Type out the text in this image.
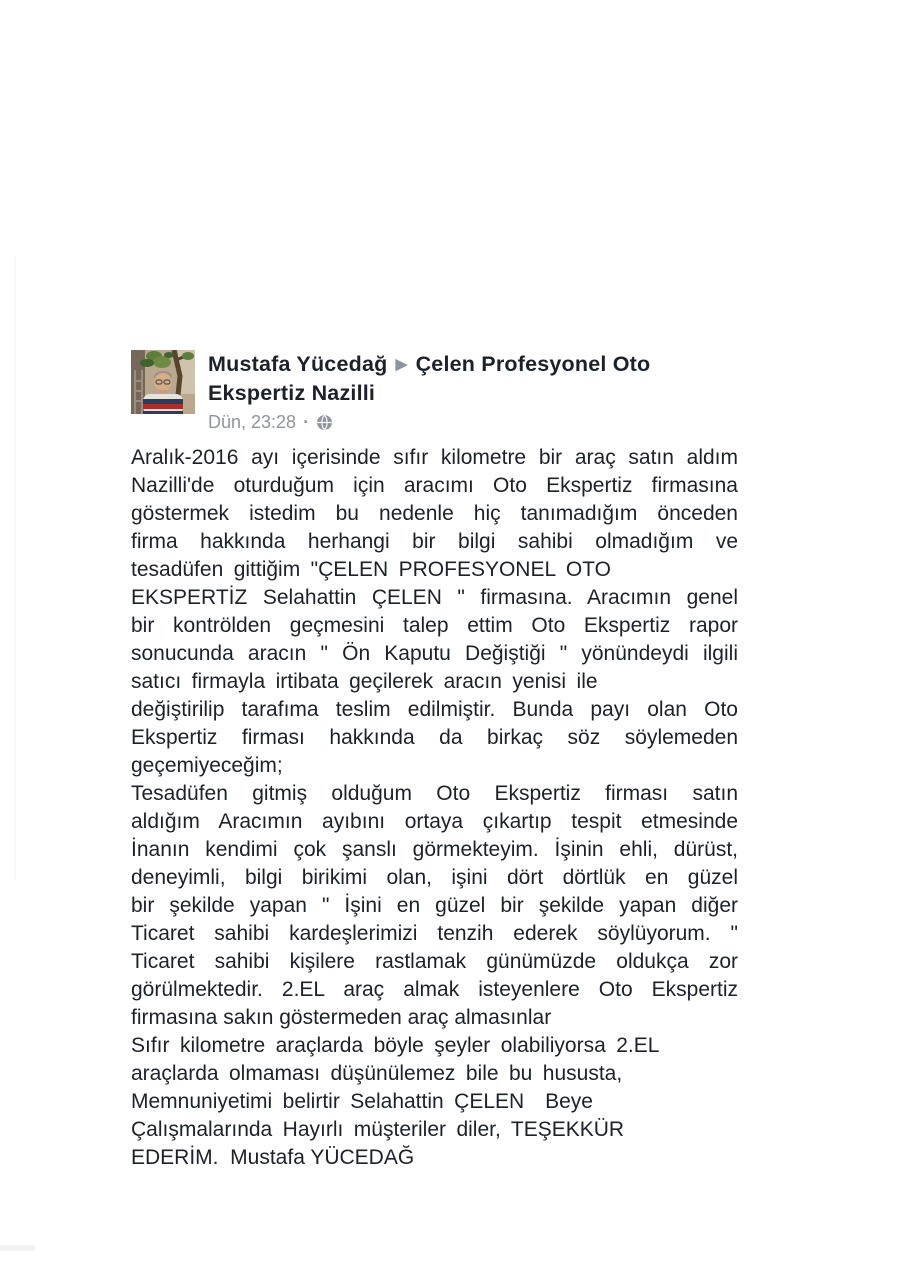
Mustafa Yücedağ ▶ Çelen Profesyonel Oto Ekspertiz Nazilli
Dün, 23:28 ·
Aralık-2016 ayı içerisinde sıfır kilometre bir araç satın aldım
Nazilli'de oturduğum için aracımı Oto Ekspertiz firmasına
göstermek istedim bu nedenle hiç tanımadığım önceden
firma hakkında herhangi bir bilgi sahibi olmadığım ve
tesadüfen gittiğim "ÇELEN PROFESYONEL OTO
EKSPERTİZ Selahattin ÇELEN " firmasına. Aracımın genel
bir kontrölden geçmesini talep ettim Oto Ekspertiz rapor
sonucunda aracın " Ön Kaputu Değiştiği " yönündeydi ilgili
satıcı firmayla irtibata geçilerek aracın yenisi ile
değiştirilip tarafıma teslim edilmiştir. Bunda payı olan Oto
Ekspertiz firması hakkında da birkaç söz söylemeden
geçemiyeceğim;
Tesadüfen gitmiş olduğum Oto Ekspertiz firması satın
aldığım Aracımın ayıbını ortaya çıkartıp tespit etmesinde
İnanın kendimi çok şanslı görmekteyim. İşinin ehli, dürüst,
deneyimli, bilgi birikimi olan, işini dört dörtlük en güzel
bir şekilde yapan " İşini en güzel bir şekilde yapan diğer
Ticaret sahibi kardeşlerimizi tenzih ederek söylüyorum. "
Ticaret sahibi kişilere rastlamak günümüzde oldukça zor
görülmektedir. 2.EL araç almak isteyenlere Oto Ekspertiz
firmasına sakın göstermeden araç almasınlar
Sıfır kilometre araçlarda böyle şeyler olabiliyorsa 2.EL
araçlarda olmaması düşünülemez bile bu hususta,
Memnuniyetimi belirtir Selahattin ÇELEN  Beye
Çalışmalarında Hayırlı müşteriler diler, TEŞEKKÜR
EDERİM.  Mustafa YÜCEDAĞ
